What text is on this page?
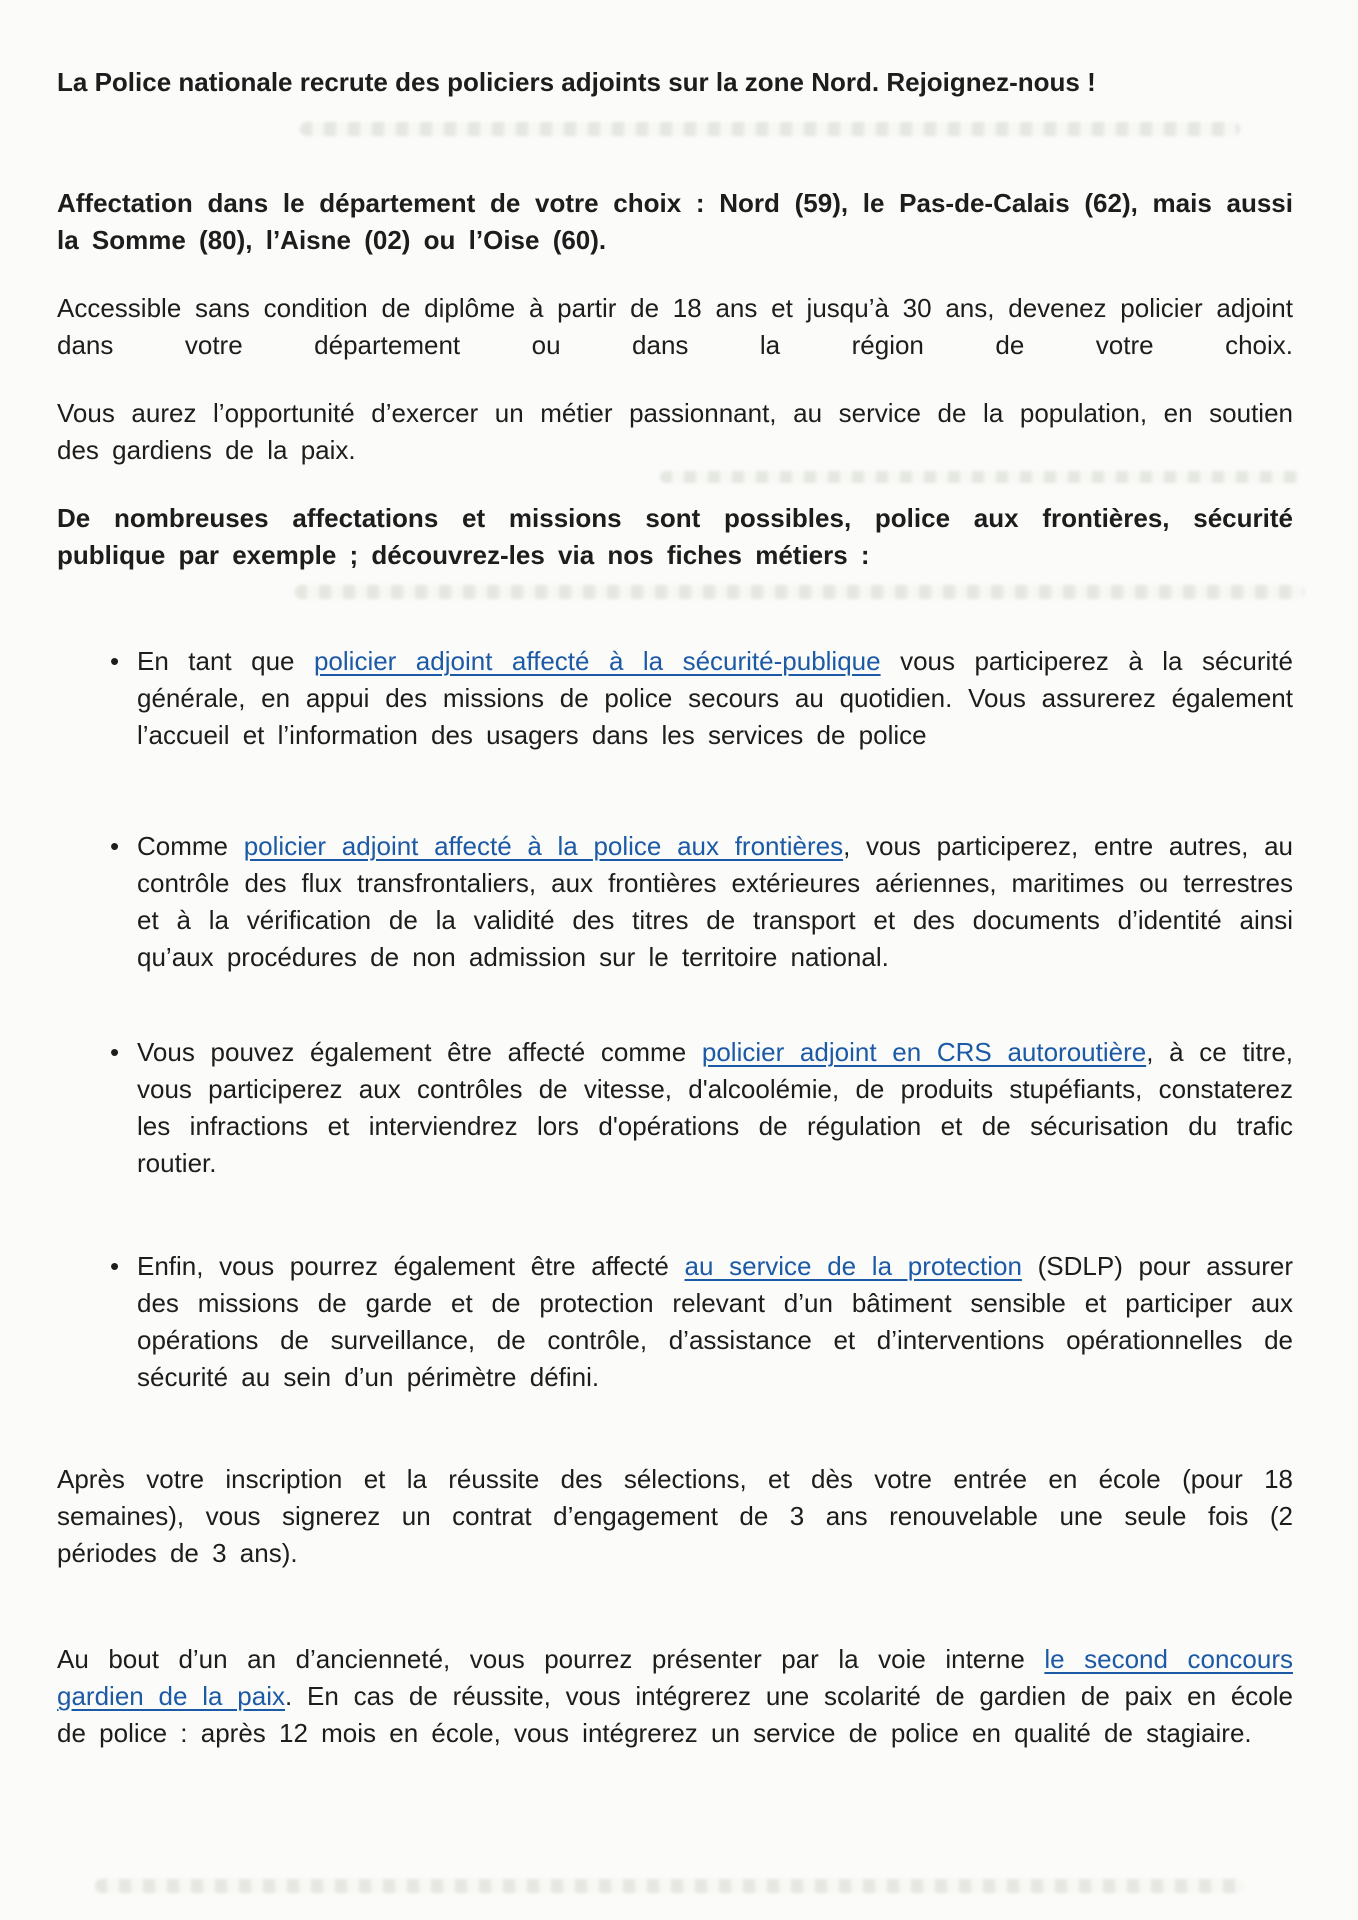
La Police nationale recrute des policiers adjoints sur la zone Nord. Rejoignez-nous !

Affectation dans le département de votre choix : Nord (59), le Pas-de-Calais (62), mais aussi la Somme (80), l’Aisne (02) ou l’Oise (60).

Accessible sans condition de diplôme à partir de 18 ans et jusqu’à 30 ans, devenez policier adjoint dans votre département ou dans la région de votre choix.

Vous aurez l’opportunité d’exercer un métier passionnant, au service de la population, en soutien des gardiens de la paix.

De nombreuses affectations et missions sont possibles, police aux frontières, sécurité publique par exemple ; découvrez-les via nos fiches métiers :

• En tant que policier adjoint affecté à la sécurité-publique vous participerez à la sécurité générale, en appui des missions de police secours au quotidien. Vous assurerez également l’accueil et l’information des usagers dans les services de police
• Comme policier adjoint affecté à la police aux frontières, vous participerez, entre autres, au contrôle des flux transfrontaliers, aux frontières extérieures aériennes, maritimes ou terrestres et à la vérification de la validité des titres de transport et des documents d’identité ainsi qu’aux procédures de non admission sur le territoire national.
• Vous pouvez également être affecté comme policier adjoint en CRS autoroutière, à ce titre, vous participerez aux contrôles de vitesse, d'alcoolémie, de produits stupéfiants, constaterez les infractions et interviendrez lors d'opérations de régulation et de sécurisation du trafic routier.
• Enfin, vous pourrez également être affecté au service de la protection (SDLP) pour assurer des missions de garde et de protection relevant d’un bâtiment sensible et participer aux opérations de surveillance, de contrôle, d’assistance et d’interventions opérationnelles de sécurité au sein d’un périmètre défini.

Après votre inscription et la réussite des sélections, et dès votre entrée en école (pour 18 semaines), vous signerez un contrat d’engagement de 3 ans renouvelable une seule fois (2 périodes de 3 ans).

Au bout d’un an d’ancienneté, vous pourrez présenter par la voie interne le second concours gardien de la paix. En cas de réussite, vous intégrerez une scolarité de gardien de paix en école de police : après 12 mois en école, vous intégrerez un service de police en qualité de stagiaire.
